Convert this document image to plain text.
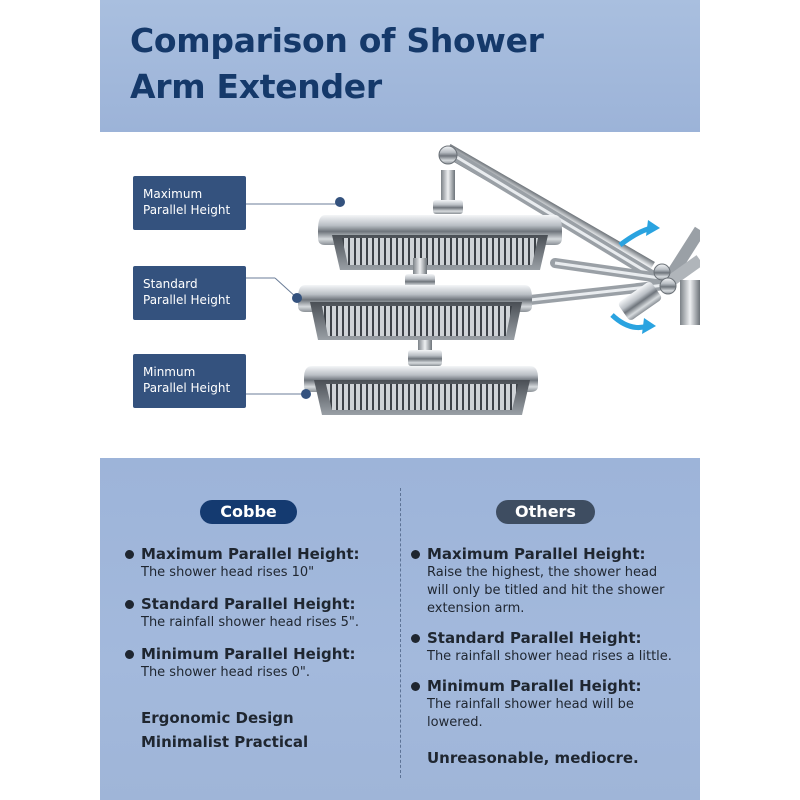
Comparison of Shower
Arm Extender
Maximum
Parallel Height
Standard
Parallel Height
Minmum
Parallel Height
Cobbe	Others
Maximum Parallel Height:
The shower head rises 10"
Standard Parallel Height:
The rainfall shower head rises 5".
Minimum Parallel Height:
The shower head rises 0".
Ergonomic Design
Minimalist Practical
Maximum Parallel Height:
Raise the highest, the shower head
will only be titled and hit the shower
extension arm.
Standard Parallel Height:
The rainfall shower head rises a little.
Minimum Parallel Height:
The rainfall shower head will be
lowered.
Unreasonable, mediocre.
